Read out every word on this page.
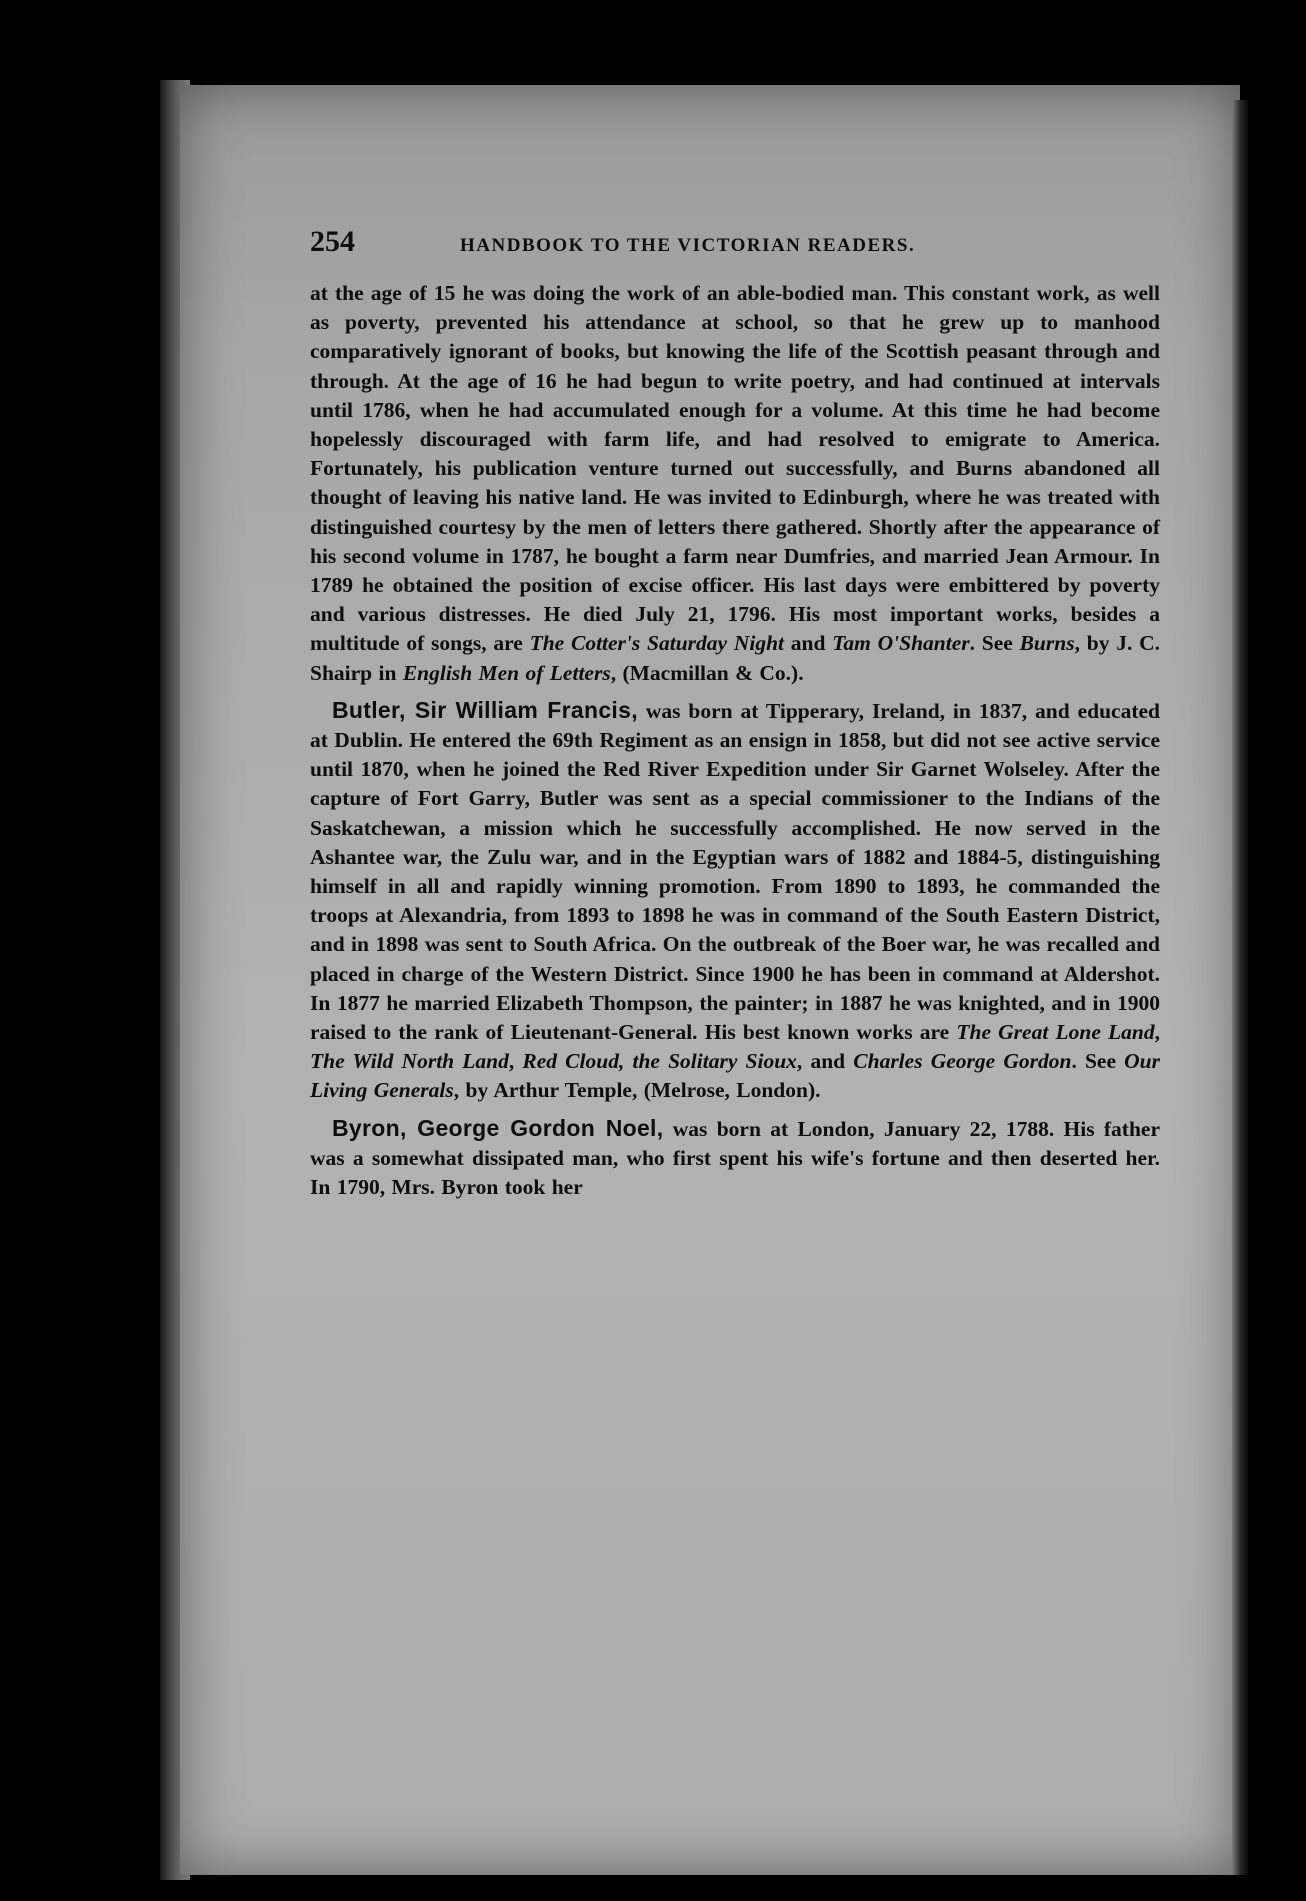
254	HANDBOOK TO THE VICTORIAN READERS.

at the age of 15 he was doing the work of an able-bodied man. This constant work, as well as poverty, prevented his attendance at school, so that he grew up to manhood comparatively ignorant of books, but knowing the life of the Scottish peasant through and through. At the age of 16 he had begun to write poetry, and had continued at intervals until 1786, when he had accumulated enough for a volume. At this time he had become hopelessly discouraged with farm life, and had resolved to emigrate to America. Fortunately, his publication venture turned out successfully, and Burns abandoned all thought of leaving his native land. He was invited to Edinburgh, where he was treated with distinguished courtesy by the men of letters there gathered. Shortly after the appearance of his second volume in 1787, he bought a farm near Dumfries, and married Jean Armour. In 1789 he obtained the position of excise officer. His last days were embittered by poverty and various distresses. He died July 21, 1796. His most important works, besides a multitude of songs, are The Cotter's Saturday Night and Tam O'Shanter. See Burns, by J. C. Shairp in English Men of Letters, (Macmillan & Co.).

Butler, Sir William Francis, was born at Tipperary, Ireland, in 1837, and educated at Dublin. He entered the 69th Regiment as an ensign in 1858, but did not see active service until 1870, when he joined the Red River Expedition under Sir Garnet Wolseley. After the capture of Fort Garry, Butler was sent as a special commissioner to the Indians of the Saskatchewan, a mission which he successfully accomplished. He now served in the Ashantee war, the Zulu war, and in the Egyptian wars of 1882 and 1884-5, distinguishing himself in all and rapidly winning promotion. From 1890 to 1893, he commanded the troops at Alexandria, from 1893 to 1898 he was in command of the South Eastern District, and in 1898 was sent to South Africa. On the outbreak of the Boer war, he was recalled and placed in charge of the Western District. Since 1900 he has been in command at Aldershot. In 1877 he married Elizabeth Thompson, the painter; in 1887 he was knighted, and in 1900 raised to the rank of Lieutenant-General. His best known works are The Great Lone Land, The Wild North Land, Red Cloud, the Solitary Sioux, and Charles George Gordon. See Our Living Generals, by Arthur Temple, (Melrose, London).

Byron, George Gordon Noel, was born at London, January 22, 1788. His father was a somewhat dissipated man, who first spent his wife's fortune and then deserted her. In 1790, Mrs. Byron took her
